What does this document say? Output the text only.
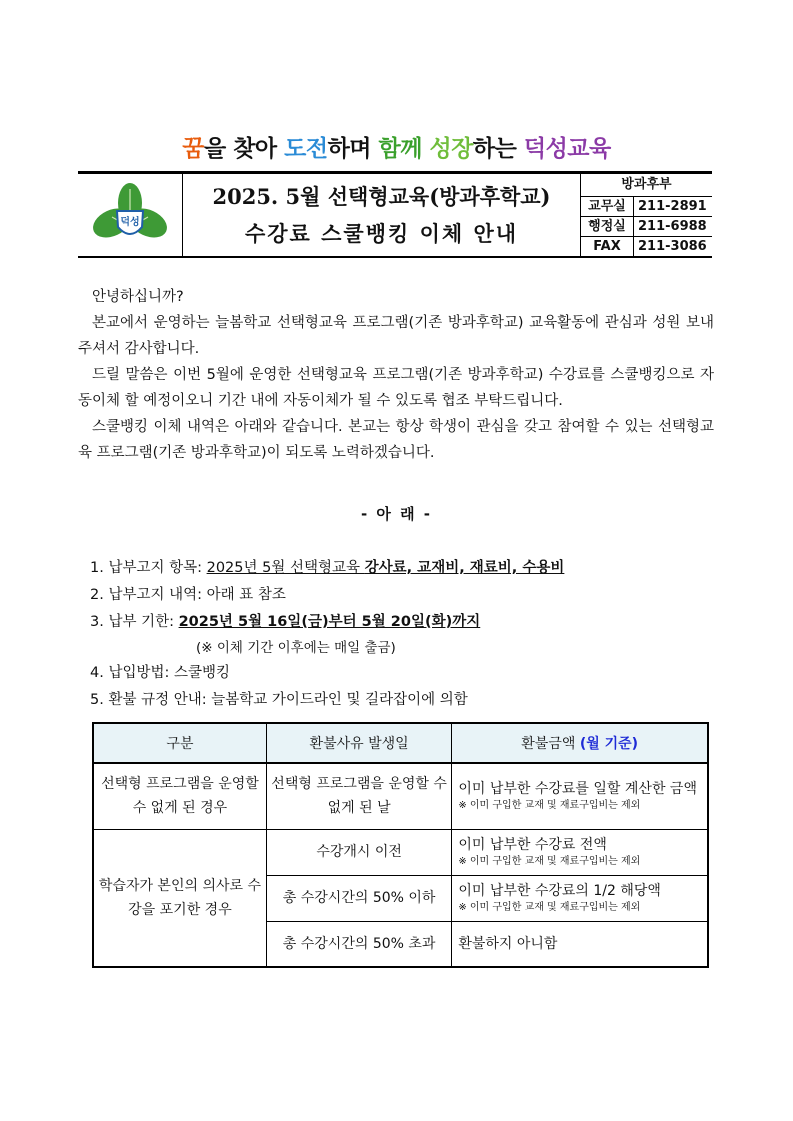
꿈을 찾아 도전하며 함께 성장하는 덕성교육
덕성
2025. 5월 선택형교육(방과후학교)
수강료 스쿨뱅킹 이체 안내
방과후부
교무실 211-2891
행정실 211-6988
FAX	211-3086
안녕하십니까?
본교에서 운영하는 늘봄학교 선택형교육 프로그램(기존 방과후학교) 교육활동에 관심과 성원 보내주셔서 감사합니다.
드릴 말씀은 이번 5월에 운영한 선택형교육 프로그램(기존 방과후학교) 수강료를 스쿨뱅킹으로 자동이체 할 예정이오니 기간 내에 자동이체가 될 수 있도록 협조 부탁드립니다.
스쿨뱅킹 이체 내역은 아래와 같습니다. 본교는 항상 학생이 관심을 갖고 참여할 수 있는 선택형교육 프로그램(기존 방과후학교)이 되도록 노력하겠습니다.
- 아 래 -
1. 납부고지 항목: 2025년 5월 선택형교육 강사료, 교재비, 재료비, 수용비
2. 납부고지 내역: 아래 표 참조
3. 납부 기한: 2025년 5월 16일(금)부터 5월 20일(화)까지
(※ 이체 기간 이후에는 매일 출금)
4. 납입방법: 스쿨뱅킹
5. 환불 규정 안내: 늘봄학교 가이드라인 및 길라잡이에 의함
구분	환불사유 발생일	환불금액 (월 기준)
선택형 프로그램을 운영할 수 없게 된 경우	선택형 프로그램을 운영할 수 없게 된 날	이미 납부한 수강료를 일할 계산한 금액
※ 이미 구입한 교재 및 재료구입비는 제외

학습자가 본인의 의사로 수강을 포기한 경우	수강개시 이전	이미 납부한 수강료 전액
※ 이미 구입한 교재 및 재료구입비는 제외

	총 수강시간의 50% 이하	이미 납부한 수강료의 1/2 해당액
※ 이미 구입한 교재 및 재료구입비는 제외

	총 수강시간의 50% 초과	환불하지 아니함
